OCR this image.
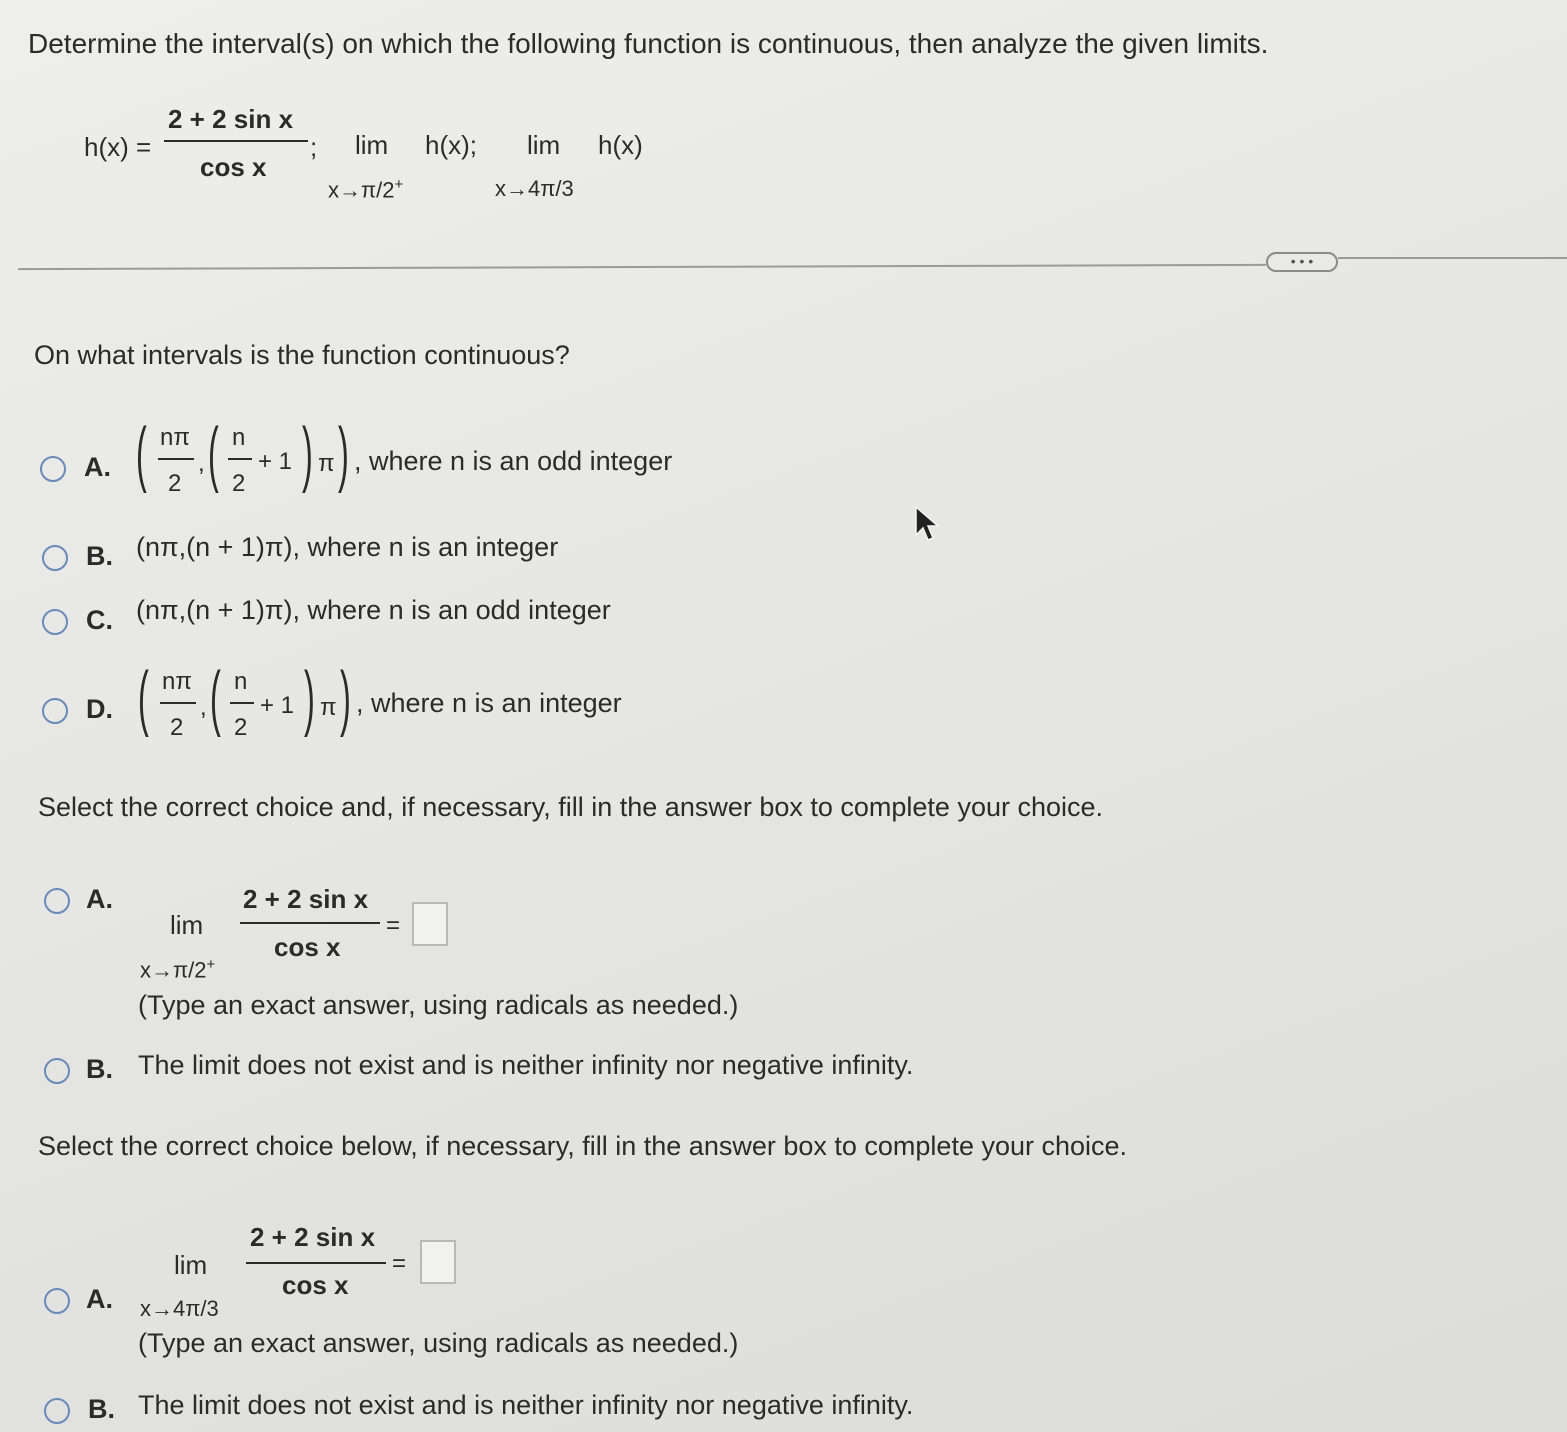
Determine the interval(s) on which the following function is continuous, then analyze the given limits.
h(x) =
2 + 2 sin x
cos x
; lim h(x);
x→π/2+
lim h(x)
x→4π/3
• • •
On what intervals is the function continuous?
A. ( nπ
2
, ( n
2
+ 1 ) π ) , where n is an odd integer
B. (nπ,(n + 1)π), where n is an integer
C. (nπ,(n + 1)π), where n is an odd integer
D. ( nπ
2
, ( n
2
+ 1 ) π ) , where n is an integer
Select the correct choice and, if necessary, fill in the answer box to complete your choice.
A.
lim
x→π/2+
2 + 2 sin x
cos x
=
(Type an exact answer, using radicals as needed.)
B. The limit does not exist and is neither infinity nor negative infinity.
Select the correct choice below, if necessary, fill in the answer box to complete your choice.
A.
lim
x→4π/3
2 + 2 sin x
cos x
=
(Type an exact answer, using radicals as needed.)
B. The limit does not exist and is neither infinity nor negative infinity.
